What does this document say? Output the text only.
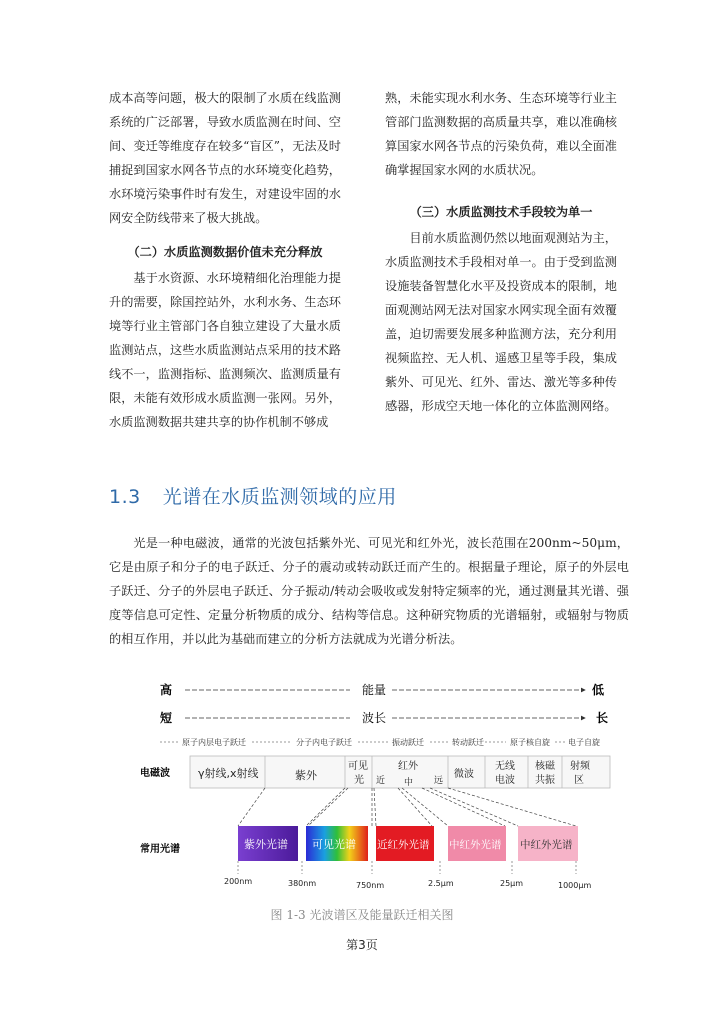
成本高等问题，极大的限制了水质在线监测系统的广泛部署，导致水质监测在时间、空间、变迁等维度存在较多“盲区”，无法及时捕捉到国家水网各节点的水环境变化趋势，水环境污染事件时有发生，对建设牢固的水网安全防线带来了极大挑战。

（二）水质监测数据价值未充分释放

基于水资源、水环境精细化治理能力提升的需要，除国控站外，水利水务、生态环境等行业主管部门各自独立建设了大量水质监测站点，这些水质监测站点采用的技术路线不一，监测指标、监测频次、监测质量有限，未能有效形成水质监测一张网。另外，水质监测数据共建共享的协作机制不够成

熟，未能实现水利水务、生态环境等行业主管部门监测数据的高质量共享，难以准确核算国家水网各节点的污染负荷，难以全面准确掌握国家水网的水质状况。

（三）水质监测技术手段较为单一

目前水质监测仍然以地面观测站为主，水质监测技术手段相对单一。由于受到监测设施装备智慧化水平及投资成本的限制，地面观测站网无法对国家水网实现全面有效覆盖，迫切需要发展多种监测方法，充分利用视频监控、无人机、遥感卫星等手段，集成紫外、可见光、红外、雷达、激光等多种传感器，形成空天地一体化的立体监测网络。

1.3 光谱在水质监测领域的应用

光是一种电磁波，通常的光波包括紫外光、可见光和红外光，波长范围在200nm~50μm，它是由原子和分子的电子跃迁、分子的震动或转动跃迁而产生的。根据量子理论，原子的外层电子跃迁、分子的外层电子跃迁、分子振动/转动会吸收或发射特定频率的光，通过测量其光谱、强度等信息可定性、定量分析物质的成分、结构等信息。这种研究物质的光谱辐射，或辐射与物质的相互作用，并以此为基础而建立的分析方法就成为光谱分析法。

高	能量	低
短	波长	长
原子内层电子跃迁	分子内电子跃迁	振动跃迁	转动跃迁	原子核自旋 电子自旋
电磁波	γ射线,x射线	紫外
可见
光
红外
近 中 远
微波
无线
电波
核磁
共振
射频
区
常用光谱	紫外光谱 可见光谱 近红外光谱 中红外光谱 中红外光谱
200nm	380nm	750nm	2.5μm	25μm	1000μm
图 1-3 光波谱区及能量跃迁相关图
第3页
